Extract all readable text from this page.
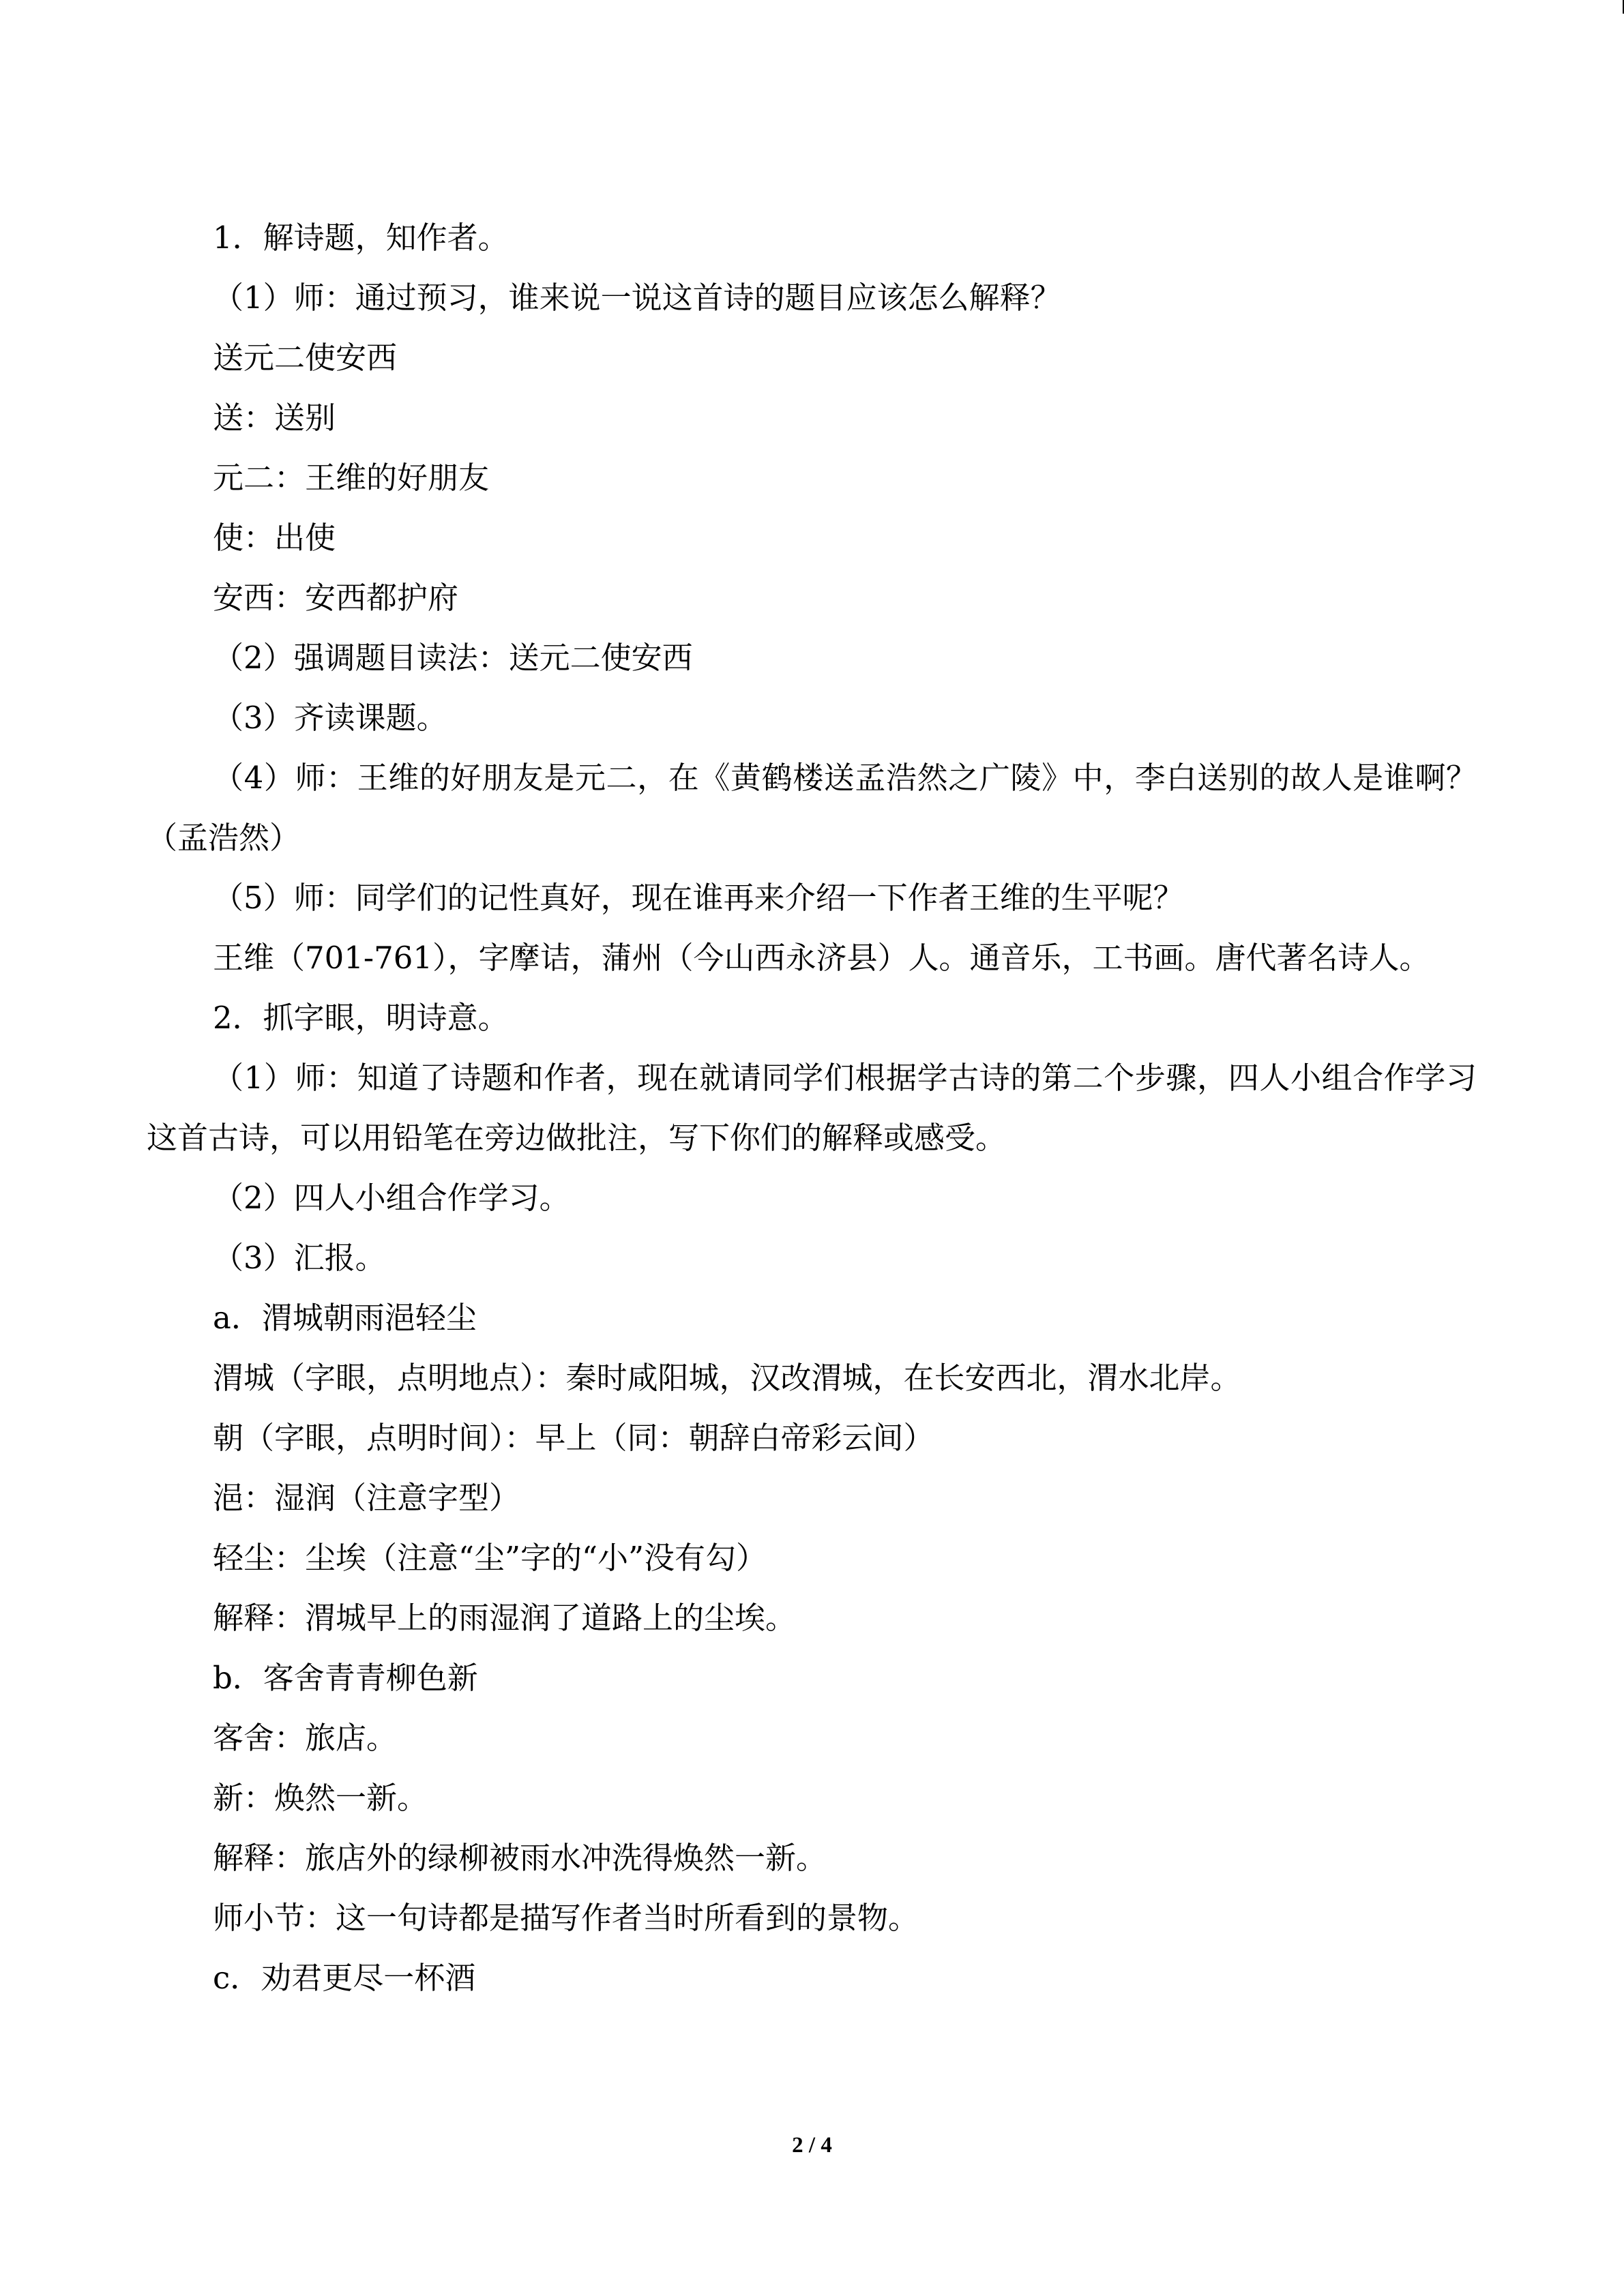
1．解诗题，知作者。

（1）师：通过预习，谁来说一说这首诗的题目应该怎么解释？

送元二使安西

送：送别

元二：王维的好朋友

使：出使

安西：安西都护府

（2）强调题目读法：送元二使安西

（3）齐读课题。

（4）师：王维的好朋友是元二，在《黄鹤楼送孟浩然之广陵》中，李白送别的故人是谁啊？（孟浩然）

（5）师：同学们的记性真好，现在谁再来介绍一下作者王维的生平呢？

王维（701-761），字摩诘，蒲州（今山西永济县）人。通音乐，工书画。唐代著名诗人。

2．抓字眼，明诗意。

（1）师：知道了诗题和作者，现在就请同学们根据学古诗的第二个步骤，四人小组合作学习这首古诗，可以用铅笔在旁边做批注，写下你们的解释或感受。

（2）四人小组合作学习。

（3）汇报。

a．渭城朝雨浥轻尘

渭城（字眼，点明地点）：秦时咸阳城，汉改渭城，在长安西北，渭水北岸。

朝（字眼，点明时间）：早上（同：朝辞白帝彩云间）

浥：湿润（注意字型）

轻尘：尘埃（注意“尘”字的“小”没有勾）

解释：渭城早上的雨湿润了道路上的尘埃。

b．客舍青青柳色新

客舍：旅店。

新：焕然一新。

解释：旅店外的绿柳被雨水冲洗得焕然一新。

师小节：这一句诗都是描写作者当时所看到的景物。

c．劝君更尽一杯酒

2 / 4
